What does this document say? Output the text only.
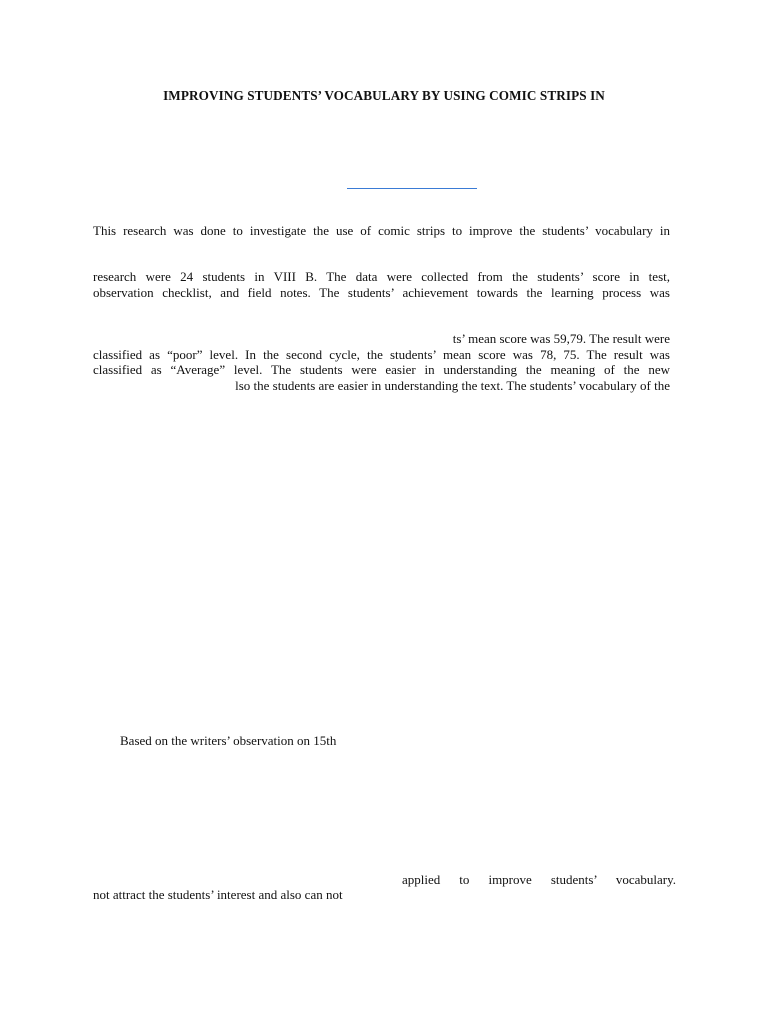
IMPROVING STUDENTS’ VOCABULARY BY USING COMIC STRIPS IN
This research was done to investigate the use of comic strips to improve the students’ vocabulary in
research were 24 students in VIII B. The data were collected from the students’ score in test,
observation checklist, and field notes. The students’ achievement towards the learning process was
ts’ mean score was 59,79. The result were
classified as “poor” level. In the second cycle, the students’ mean score was 78, 75. The result was
classified as “Average” level. The students were easier in understanding the meaning of the new
lso the students are easier in understanding the text. The students’ vocabulary of the
Based on the writers’ observation on 15th
applied to improve students’ vocabulary.
not attract the students’ interest and also can not
